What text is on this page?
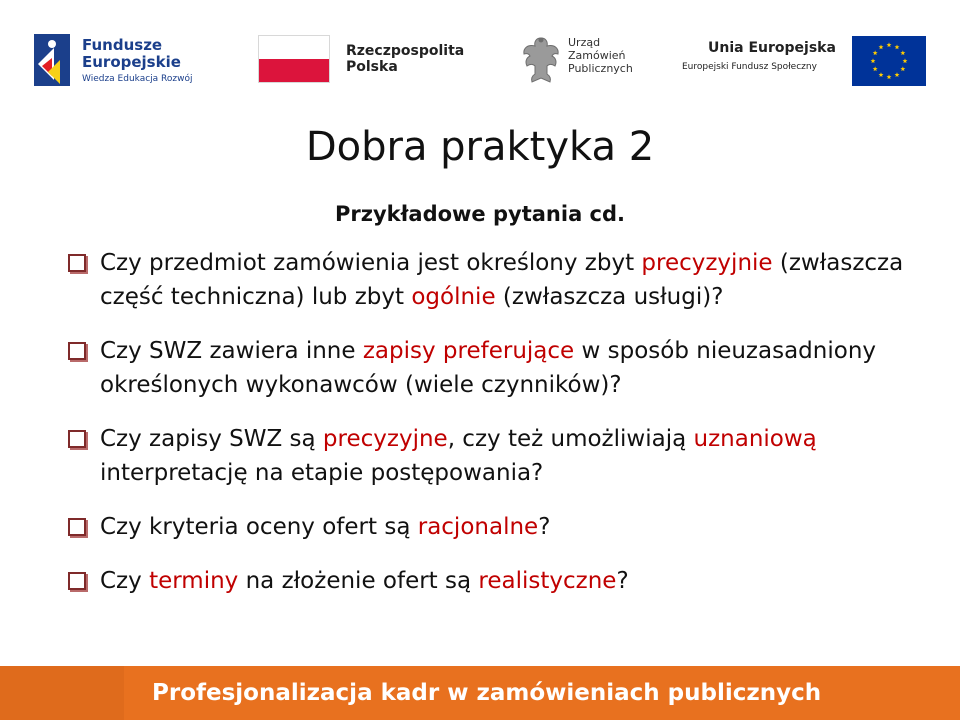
Fundusze
Europejskie
Wiedza Edukacja Rozwój
Rzeczpospolita
Polska
Urząd
Zamówień
Publicznych
Unia Europejska
Europejski Fundusz Społeczny
Dobra praktyka 2
Przykładowe pytania cd.
Czy przedmiot zamówienia jest określony zbyt precyzyjnie (zwłaszcza część techniczna) lub zbyt ogólnie (zwłaszcza usługi)?
Czy SWZ zawiera inne zapisy preferujące w sposób nieuzasadniony określonych wykonawców (wiele czynników)?
Czy zapisy SWZ są precyzyjne, czy też umożliwiają uznaniową interpretację na etapie postępowania?
Czy kryteria oceny ofert są racjonalne?
Czy terminy na złożenie ofert są realistyczne?
Profesjonalizacja kadr w zamówieniach publicznych
